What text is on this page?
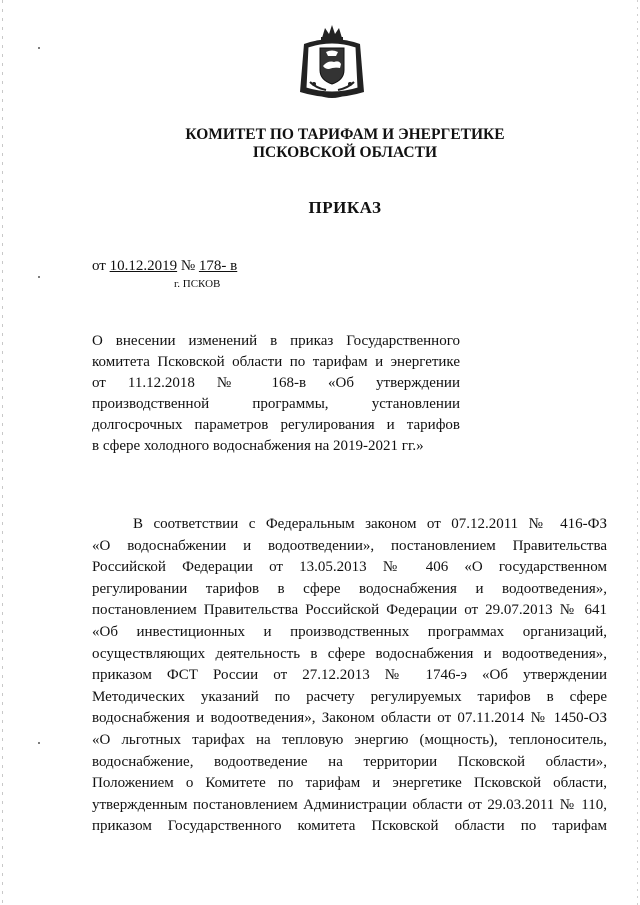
КОМИТЕТ ПО ТАРИФАМ И ЭНЕРГЕТИКЕ
ПСКОВСКОЙ ОБЛАСТИ
ПРИКАЗ
от 10.12.2019 № 178- в
г. ПСКОВ
О внесении изменений в приказ Государственного
комитета Псковской области по тарифам и энергетике
от 11.12.2018 № 168-в «Об утверждении
производственной программы, установлении
долгосрочных параметров регулирования и тарифов
в сфере холодного водоснабжения на 2019-2021 гг.»
В соответствии с Федеральным законом от 07.12.2011 № 416-ФЗ
«О водоснабжении и водоотведении», постановлением Правительства
Российской Федерации от 13.05.2013 № 406 «О государственном
регулировании тарифов в сфере водоснабжения и водоотведения»,
постановлением Правительства Российской Федерации от 29.07.2013 № 641
«Об инвестиционных и производственных программах организаций,
осуществляющих деятельность в сфере водоснабжения и водоотведения»,
приказом ФСТ России от 27.12.2013 № 1746-э «Об утверждении
Методических указаний по расчету регулируемых тарифов в сфере
водоснабжения и водоотведения», Законом области от 07.11.2014 № 1450-ОЗ
«О льготных тарифах на тепловую энергию (мощность), теплоноситель,
водоснабжение, водоотведение на территории Псковской области»,
Положением о Комитете по тарифам и энергетике Псковской области,
утвержденным постановлением Администрации области от 29.03.2011 № 110,
приказом Государственного комитета Псковской области по тарифам
